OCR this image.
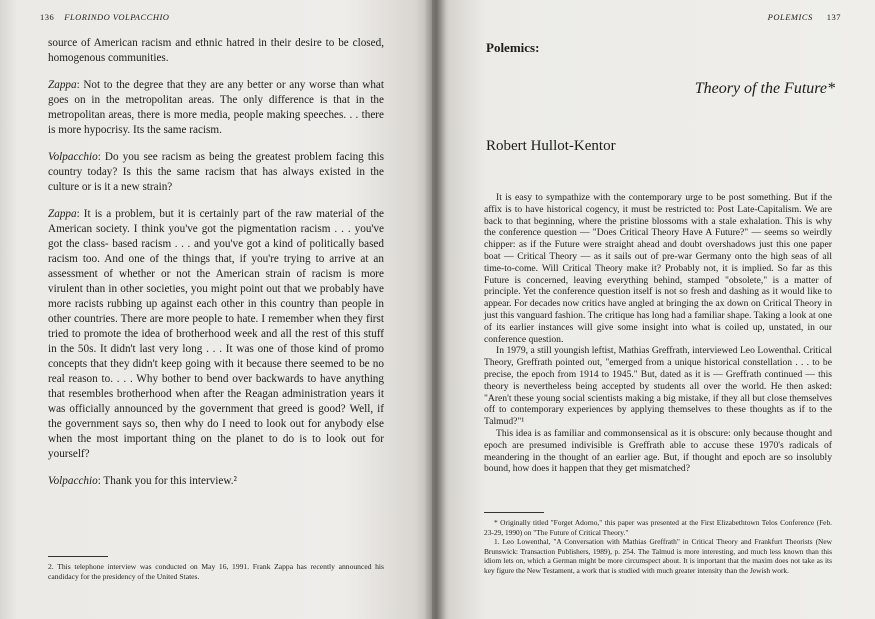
136 FLORINDO VOLPACCHIO

source of American racism and ethnic hatred in their desire to be closed, homogenous communities.

Zappa: Not to the degree that they are any better or any worse than what goes on in the metropolitan areas. The only difference is that in the metropolitan areas, there is more media, people making speeches. . . there is more hypocrisy. Its the same racism.

Volpacchio: Do you see racism as being the greatest problem facing this country today? Is this the same racism that has always existed in the culture or is it a new strain?

Zappa: It is a problem, but it is certainly part of the raw material of the American society. I think you've got the pigmentation racism . . . you've got the class- based racism . . . and you've got a kind of politically based racism too. And one of the things that, if you're trying to arrive at an assessment of whether or not the American strain of racism is more virulent than in other societies, you might point out that we probably have more racists rubbing up against each other in this country than people in other countries. There are more people to hate. I remember when they first tried to promote the idea of brotherhood week and all the rest of this stuff in the 50s. It didn't last very long . . . It was one of those kind of promo concepts that they didn't keep going with it because there seemed to be no real reason to. . . . Why bother to bend over backwards to have anything that resembles brotherhood when after the Reagan administration years it was officially announced by the government that greed is good? Well, if the government says so, then why do I need to look out for anybody else when the most important thing on the planet to do is to look out for yourself?

Volpacchio: Thank you for this interview.²

2. This telephone interview was conducted on May 16, 1991. Frank Zappa has recently announced his candidacy for the presidency of the United States.
POLEMICS 137
Polemics:
Theory of the Future*
Robert Hullot-Kentor

It is easy to sympathize with the contemporary urge to be post something. But if the affix is to have historical cogency, it must be restricted to: Post Late-Capitalism. We are back to that beginning, where the pristine blossoms with a stale exhalation. This is why the conference question — "Does Critical Theory Have A Future?" — seems so weirdly chipper: as if the Future were straight ahead and doubt overshadows just this one paper boat — Critical Theory — as it sails out of pre-war Germany onto the high seas of all time-to-come. Will Critical Theory make it? Probably not, it is implied. So far as this Future is concerned, leaving everything behind, stamped "obsolete," is a matter of principle. Yet the conference question itself is not so fresh and dashing as it would like to appear. For decades now critics have angled at bringing the ax down on Critical Theory in just this vanguard fashion. The critique has long had a familiar shape. Taking a look at one of its earlier instances will give some insight into what is coiled up, unstated, in our conference question.

In 1979, a still youngish leftist, Mathias Greffrath, interviewed Leo Lowenthal. Critical Theory, Greffrath pointed out, "emerged from a unique historical constellation . . . to be precise, the epoch from 1914 to 1945." But, dated as it is — Greffrath continued — this theory is nevertheless being accepted by students all over the world. He then asked: "Aren't these young social scientists making a big mistake, if they all but close themselves off to contemporary experiences by applying themselves to these thoughts as if to the Talmud?"¹

This idea is as familiar and commonsensical as it is obscure: only because thought and epoch are presumed indivisible is Greffrath able to accuse these 1970's radicals of meandering in the thought of an earlier age. But, if thought and epoch are so insolubly bound, how does it happen that they get mismatched?

* Originally titled "Forget Adorno," this paper was presented at the First Elizabethtown Telos Conference (Feb. 23-29, 1990) on "The Future of Critical Theory."

1. Leo Lowenthal, "A Conversation with Mathias Greffrath" in Critical Theory and Frankfurt Theorists (New Brunswick: Transaction Publishers, 1989), p. 254. The Talmud is more interesting, and much less known than this idiom lets on, which a German might be more circumspect about. It is important that the maxim does not take as its key figure the New Testament, a work that is studied with much greater intensity than the Jewish work.
